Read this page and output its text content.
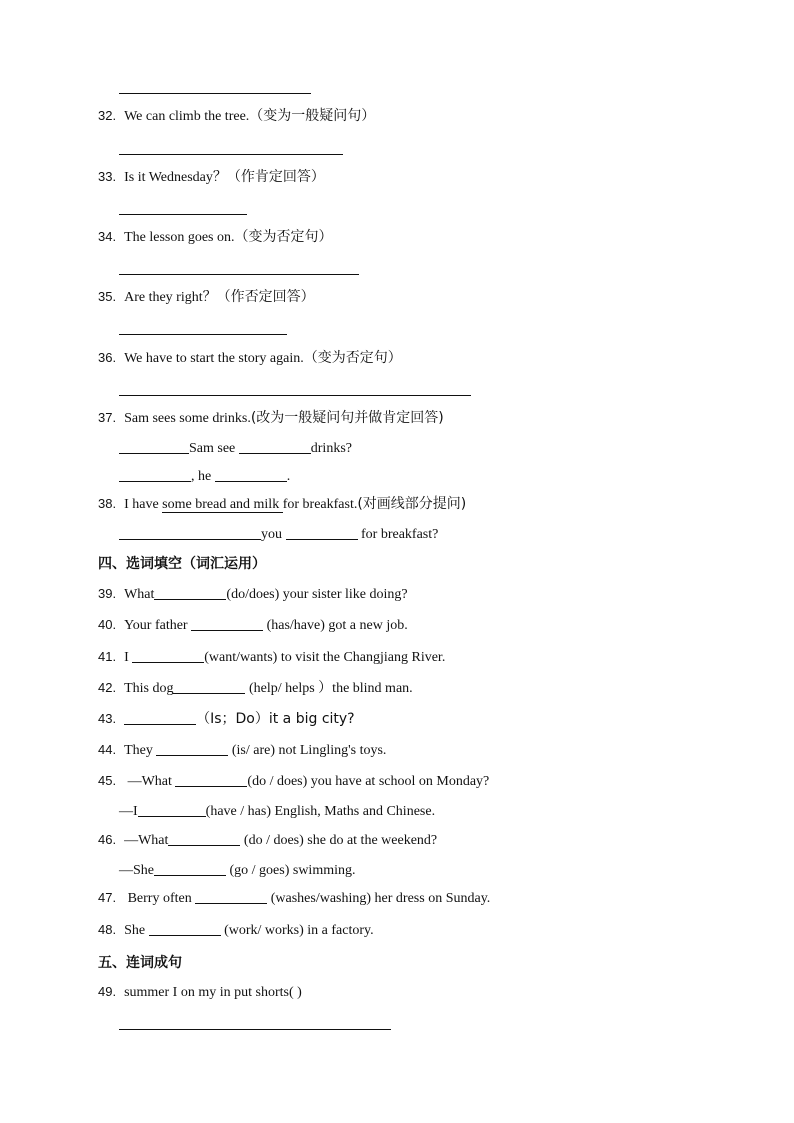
32. We can climb the tree.（变为一般疑问句）
33. Is it Wednesday？（作肯定回答）
34. The lesson goes on.（变为否定句）
35. Are they right？（作否定回答）
36. We have to start the story again.（变为否定句）
37. Sam sees some drinks.(改为一般疑问句并做肯定回答)
Sam see	drinks?
, he	.
38. I have some bread and milk for breakfast.(对画线部分提问)
you	for breakfast?
四、选词填空（词汇运用）
39. What	(do/does) your sister like doing?
40. Your father	(has/have) got a new job.
41. I	(want/wants) to visit the Changjiang River.
42. This dog	(help/ helps ）the blind man.
43.	（Is；Do）it a big city?
44. They	(is/ are) not Lingling's toys.
45. —What	(do / does) you have at school on Monday?
—I	(have / has) English, Maths and Chinese.
46. —What	(do / does) she do at the weekend?
—She	(go / goes) swimming.
47. Berry often	(washes/washing) her dress on Sunday.
48. She	(work/ works) in a factory.
五、连词成句
49. summer I on my in put shorts( )
